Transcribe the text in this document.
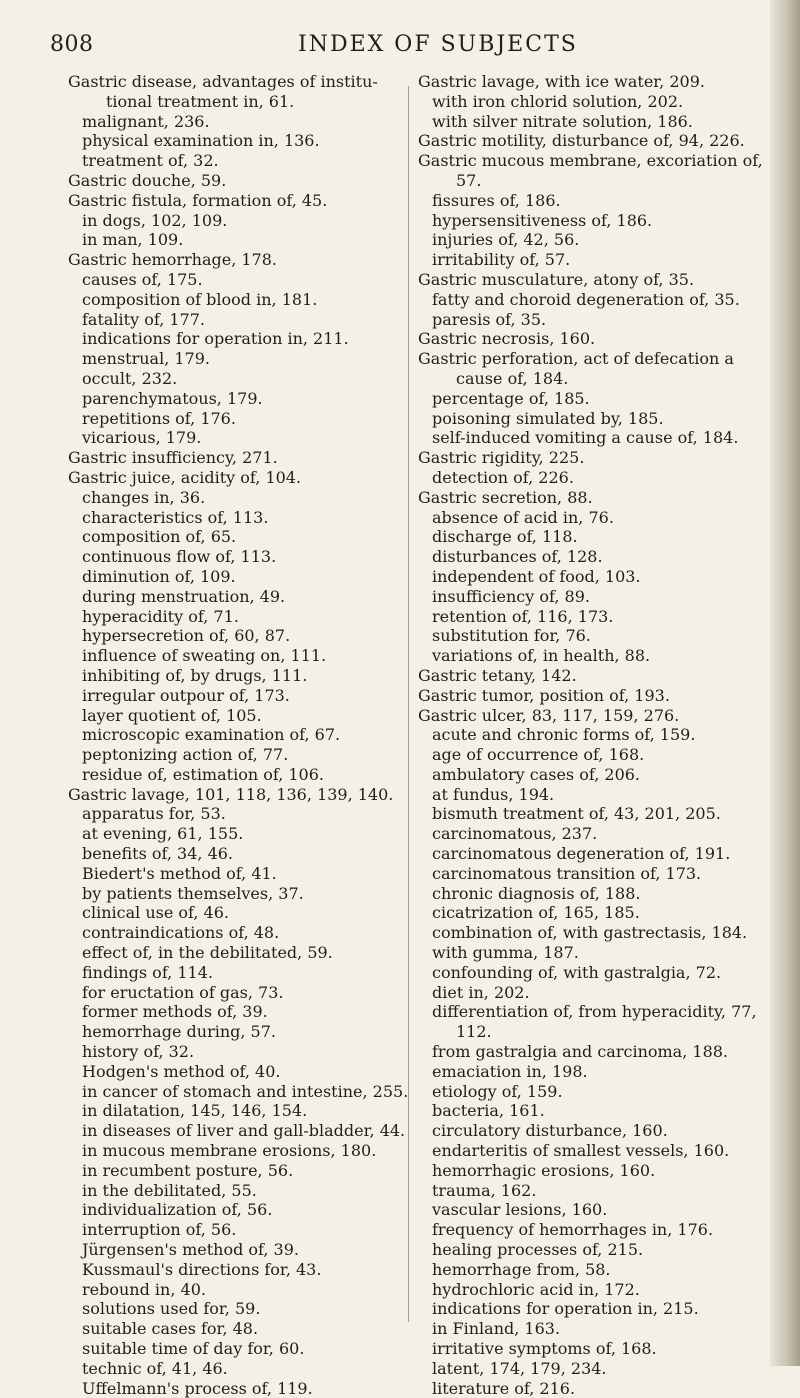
808	INDEX OF SUBJECTS
Gastric disease, advantages of institu-
tional treatment in, 61.
malignant, 236.
physical examination in, 136.
treatment of, 32.
Gastric douche, 59.
Gastric fistula, formation of, 45.
in dogs, 102, 109.
in man, 109.
Gastric hemorrhage, 178.
causes of, 175.
composition of blood in, 181.
fatality of, 177.
indications for operation in, 211.
menstrual, 179.
occult, 232.
parenchymatous, 179.
repetitions of, 176.
vicarious, 179.
Gastric insufficiency, 271.
Gastric juice, acidity of, 104.
changes in, 36.
characteristics of, 113.
composition of, 65.
continuous flow of, 113.
diminution of, 109.
during menstruation, 49.
hyperacidity of, 71.
hypersecretion of, 60, 87.
influence of sweating on, 111.
inhibiting of, by drugs, 111.
irregular outpour of, 173.
layer quotient of, 105.
microscopic examination of, 67.
peptonizing action of, 77.
residue of, estimation of, 106.
Gastric lavage, 101, 118, 136, 139, 140.
apparatus for, 53.
at evening, 61, 155.
benefits of, 34, 46.
Biedert's method of, 41.
by patients themselves, 37.
clinical use of, 46.
contraindications of, 48.
effect of, in the debilitated, 59.
findings of, 114.
for eructation of gas, 73.
former methods of, 39.
hemorrhage during, 57.
history of, 32.
Hodgen's method of, 40.
in cancer of stomach and intestine, 255.
in dilatation, 145, 146, 154.
in diseases of liver and gall-bladder, 44.
in mucous membrane erosions, 180.
in recumbent posture, 56.
in the debilitated, 55.
individualization of, 56.
interruption of, 56.
Jürgensen's method of, 39.
Kussmaul's directions for, 43.
rebound in, 40.
solutions used for, 59.
suitable cases for, 48.
suitable time of day for, 60.
technic of, 41, 46.
Uffelmann's process of, 119.
Gastric lavage, with ice water, 209.
with iron chlorid solution, 202.
with silver nitrate solution, 186.
Gastric motility, disturbance of, 94, 226.
Gastric mucous membrane, excoriation of,
57.
fissures of, 186.
hypersensitiveness of, 186.
injuries of, 42, 56.
irritability of, 57.
Gastric musculature, atony of, 35.
fatty and choroid degeneration of, 35.
paresis of, 35.
Gastric necrosis, 160.
Gastric perforation, act of defecation a
cause of, 184.
percentage of, 185.
poisoning simulated by, 185.
self-induced vomiting a cause of, 184.
Gastric rigidity, 225.
detection of, 226.
Gastric secretion, 88.
absence of acid in, 76.
discharge of, 118.
disturbances of, 128.
independent of food, 103.
insufficiency of, 89.
retention of, 116, 173.
substitution for, 76.
variations of, in health, 88.
Gastric tetany, 142.
Gastric tumor, position of, 193.
Gastric ulcer, 83, 117, 159, 276.
acute and chronic forms of, 159.
age of occurrence of, 168.
ambulatory cases of, 206.
at fundus, 194.
bismuth treatment of, 43, 201, 205.
carcinomatous, 237.
carcinomatous degeneration of, 191.
carcinomatous transition of, 173.
chronic diagnosis of, 188.
cicatrization of, 165, 185.
combination of, with gastrectasis, 184.
with gumma, 187.
confounding of, with gastralgia, 72.
diet in, 202.
differentiation of, from hyperacidity, 77,
112.
from gastralgia and carcinoma, 188.
emaciation in, 198.
etiology of, 159.
bacteria, 161.
circulatory disturbance, 160.
endarteritis of smallest vessels, 160.
hemorrhagic erosions, 160.
trauma, 162.
vascular lesions, 160.
frequency of hemorrhages in, 176.
healing processes of, 215.
hemorrhage from, 58.
hydrochloric acid in, 172.
indications for operation in, 215.
in Finland, 163.
irritative symptoms of, 168.
latent, 174, 179, 234.
literature of, 216.
